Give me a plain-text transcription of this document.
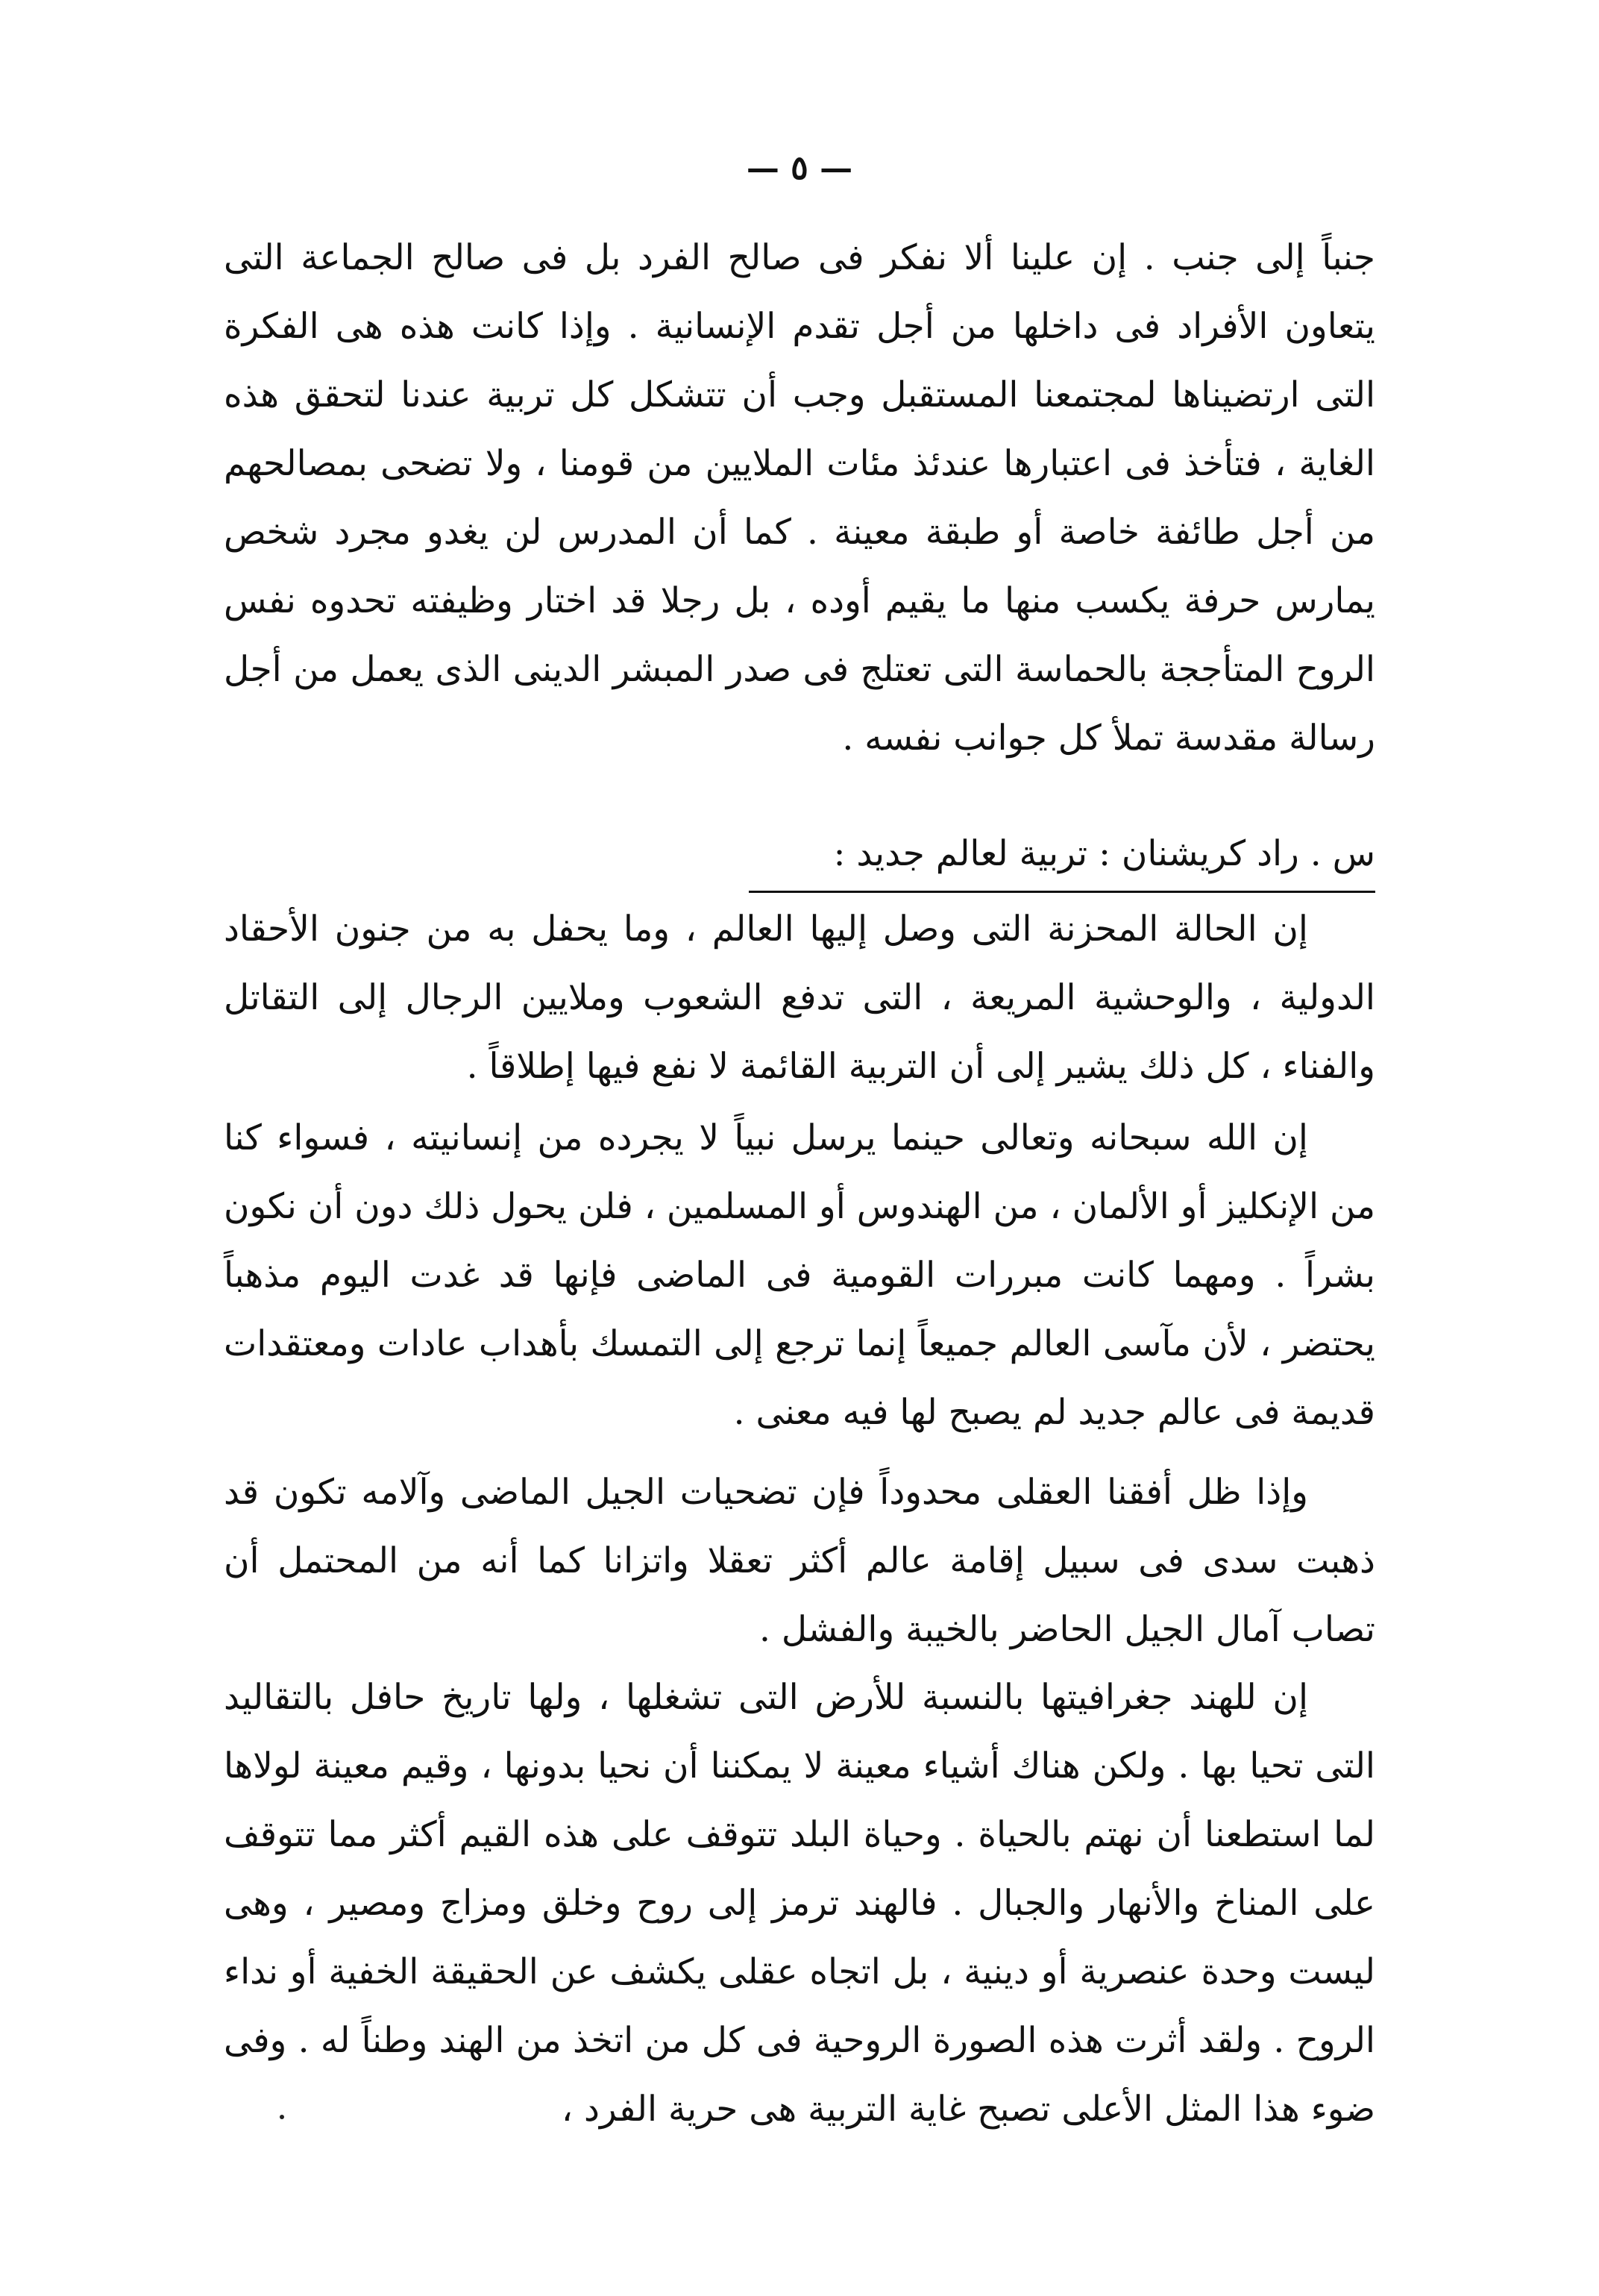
— ٥ —

جنباً إلى جنب . إن علينا ألا نفكر فى صالح الفرد بل فى صالح الجماعة التى يتعاون الأفراد فى داخلها من أجل تقدم الإنسانية . وإذا كانت هذه هى الفكرة التى ارتضيناها لمجتمعنا المستقبل وجب أن تتشكل كل تربية عندنا لتحقق هذه الغاية ، فتأخذ فى اعتبارها عندئذ مئات الملايين من قومنا ، ولا تضحى بمصالحهم من أجل طائفة خاصة أو طبقة معينة . كما أن المدرس لن يغدو مجرد شخص يمارس حرفة يكسب منها ما يقيم أوده ، بل رجلا قد اختار وظيفته تحدوه نفس الروح المتأججة بالحماسة التى تعتلج فى صدر المبشر الدينى الذى يعمل من أجل رسالة مقدسة تملأ كل جوانب نفسه .

س . راد كريشنان : تربية لعالم جديد :

إن الحالة المحزنة التى وصل إليها العالم ، وما يحفل به من جنون الأحقاد الدولية ، والوحشية المريعة ، التى تدفع الشعوب وملايين الرجال إلى التقاتل والفناء ، كل ذلك يشير إلى أن التربية القائمة لا نفع فيها إطلاقاً .

إن الله سبحانه وتعالى حينما يرسل نبياً لا يجرده من إنسانيته ، فسواء كنا من الإنكليز أو الألمان ، من الهندوس أو المسلمين ، فلن يحول ذلك دون أن نكون بشراً . ومهما كانت مبررات القومية فى الماضى فإنها قد غدت اليوم مذهباً يحتضر ، لأن مآسى العالم جميعاً إنما ترجع إلى التمسك بأهداب عادات ومعتقدات قديمة فى عالم جديد لم يصبح لها فيه معنى .

وإذا ظل أفقنا العقلى محدوداً فإن تضحيات الجيل الماضى وآلامه تكون قد ذهبت سدى فى سبيل إقامة عالم أكثر تعقلا واتزانا كما أنه من المحتمل أن تصاب آمال الجيل الحاضر بالخيبة والفشل .

إن للهند جغرافيتها بالنسبة للأرض التى تشغلها ، ولها تاريخ حافل بالتقاليد التى تحيا بها . ولكن هناك أشياء معينة لا يمكننا أن نحيا بدونها ، وقيم معينة لولاها لما استطعنا أن نهتم بالحياة . وحياة البلد تتوقف على هذه القيم أكثر مما تتوقف على المناخ والأنهار والجبال . فالهند ترمز إلى روح وخلق ومزاج ومصير ، وهى ليست وحدة عنصرية أو دينية ، بل اتجاه عقلى يكشف عن الحقيقة الخفية أو نداء الروح . ولقد أثرت هذه الصورة الروحية فى كل من اتخذ من الهند وطناً له . وفى ضوء هذا المثل الأعلى تصبح غاية التربية هى حرية الفرد ،
